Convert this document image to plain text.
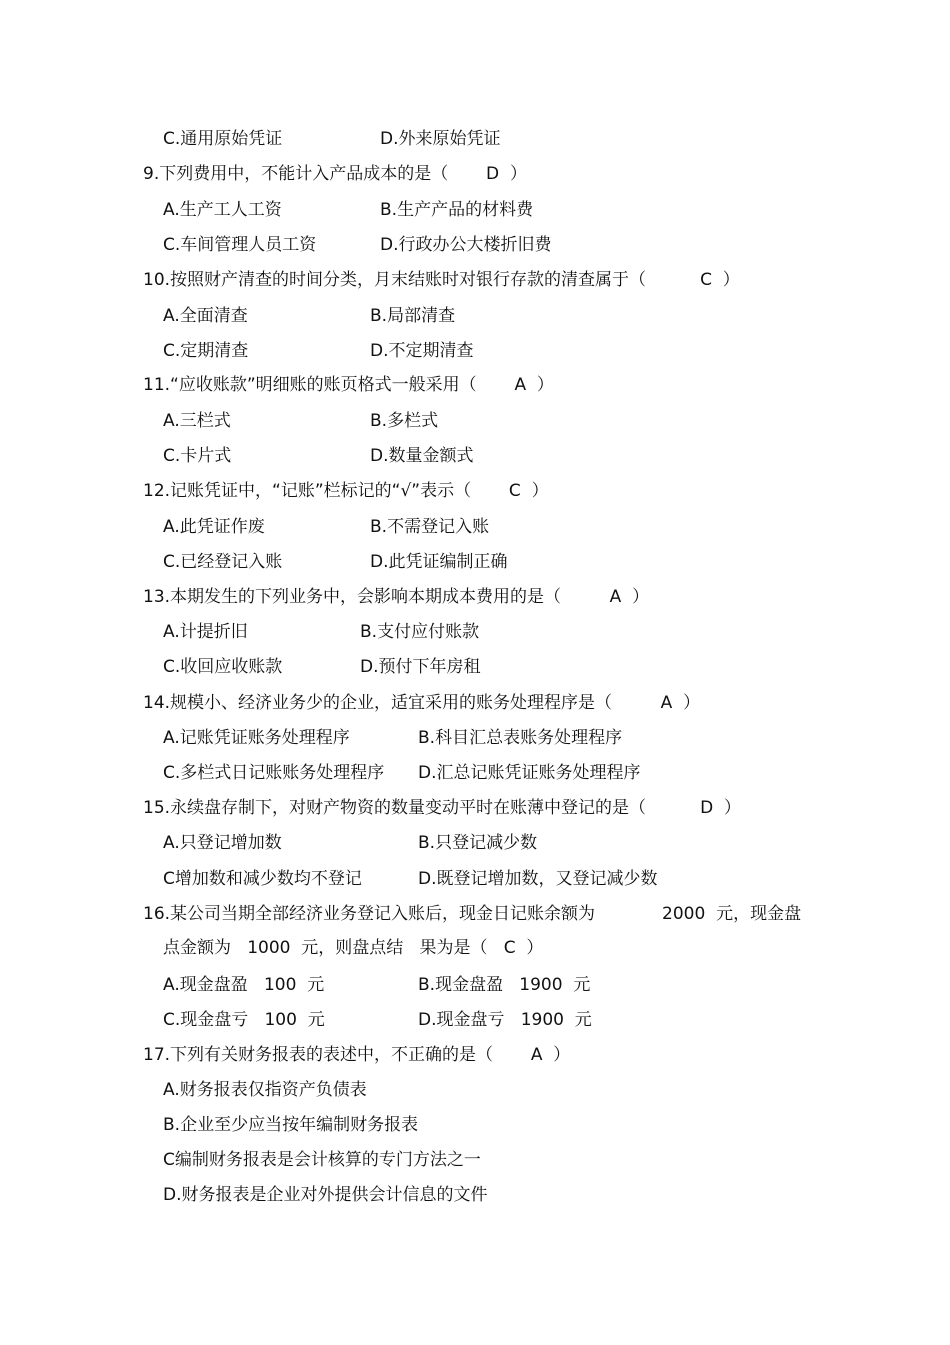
C.通用原始凭证	D.外来原始凭证
9.下列费用中，不能计入产品成本的是（       D  ）
A.生产工人工资	B.生产产品的材料费
C.车间管理人员工资	D.行政办公大楼折旧费
10.按照财产清查的时间分类，月末结账时对银行存款的清查属于（          C  ）
A.全面清查	B.局部清查
C.定期清查	D.不定期清查
11.“应收账款”明细账的账页格式一般采用（       A  ）
A.三栏式	B.多栏式
C.卡片式	D.数量金额式
12.记账凭证中，“记账”栏标记的“√”表示（       C  ）
A.此凭证作废	B.不需登记入账
C.已经登记入账	D.此凭证编制正确
13.本期发生的下列业务中，会影响本期成本费用的是（         A  ）
A.计提折旧	B.支付应付账款
C.收回应收账款	D.预付下年房租
14.规模小、经济业务少的企业，适宜采用的账务处理程序是（         A  ）
A.记账凭证账务处理程序	B.科目汇总表账务处理程序
C.多栏式日记账账务处理程序 D.汇总记账凭证账务处理程序
15.永续盘存制下，对财产物资的数量变动平时在账薄中登记的是（          D  ）
A.只登记增加数	B.只登记减少数
C增加数和减少数均不登记	D.既登记增加数，又登记减少数
16.某公司当期全部经济业务登记入账后，现金日记账余额为	2000  元，现金盘
点金额为   1000  元，则盘点结   果为是（   C  ）
A.现金盘盈   100  元	B.现金盘盈   1900  元
C.现金盘亏   100  元	D.现金盘亏   1900  元
17.下列有关财务报表的表述中，不正确的是（       A  ）
A.财务报表仅指资产负债表
B.企业至少应当按年编制财务报表
C编制财务报表是会计核算的专门方法之一
D.财务报表是企业对外提供会计信息的文件
